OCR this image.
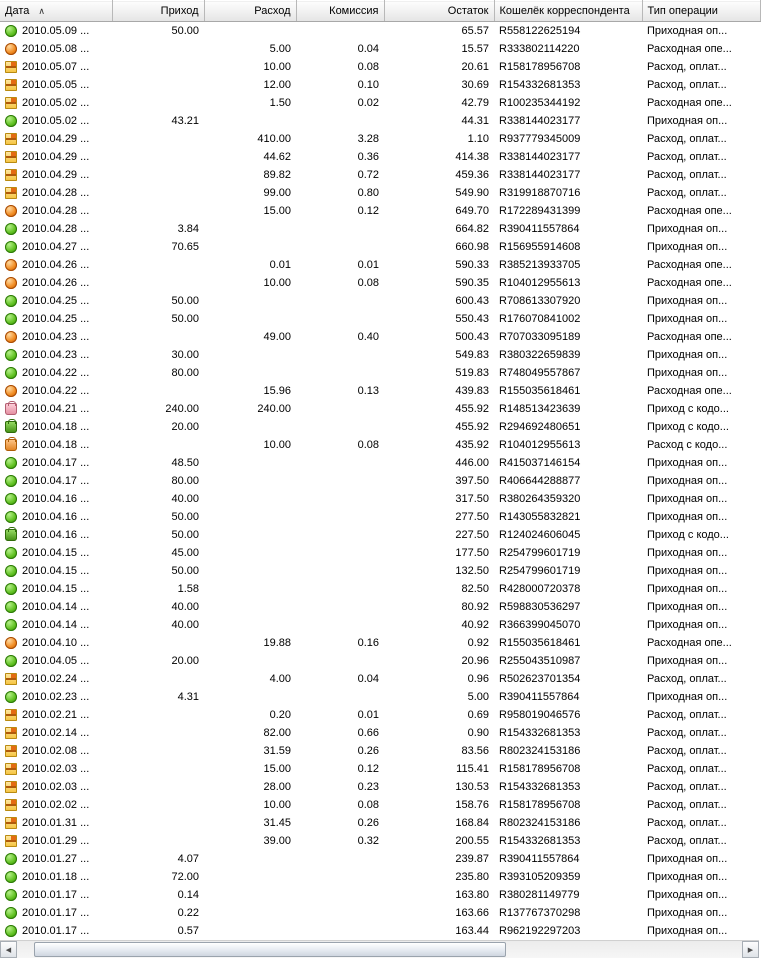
Дата ∧	Приход	Расход	Комиссия	Остаток	Кошелёк корреспондента	Тип операции

2010.05.09 ...	50.00			65.57	R558122625194	Приходная оп...

2010.05.08 ...		5.00	0.04	15.57	R333802114220	Расходная опе...

2010.05.07 ...		10.00	0.08	20.61	R158178956708	Расход, оплат...

2010.05.05 ...		12.00	0.10	30.69	R154332681353	Расход, оплат...

2010.05.02 ...		1.50	0.02	42.79	R100235344192	Расходная опе...

2010.05.02 ...	43.21			44.31	R338144023177	Приходная оп...

2010.04.29 ...		410.00	3.28	1.10	R937779345009	Расход, оплат...

2010.04.29 ...		44.62	0.36	414.38	R338144023177	Расход, оплат...

2010.04.29 ...		89.82	0.72	459.36	R338144023177	Расход, оплат...

2010.04.28 ...		99.00	0.80	549.90	R319918870716	Расход, оплат...

2010.04.28 ...		15.00	0.12	649.70	R172289431399	Расходная опе...

2010.04.28 ...	3.84			664.82	R390411557864	Приходная оп...

2010.04.27 ...	70.65			660.98	R156955914608	Приходная оп...

2010.04.26 ...		0.01	0.01	590.33	R385213933705	Расходная опе...

2010.04.26 ...		10.00	0.08	590.35	R104012955613	Расходная опе...

2010.04.25 ...	50.00			600.43	R708613307920	Приходная оп...

2010.04.25 ...	50.00			550.43	R176070841002	Приходная оп...

2010.04.23 ...		49.00	0.40	500.43	R707033095189	Расходная опе...

2010.04.23 ...	30.00			549.83	R380322659839	Приходная оп...

2010.04.22 ...	80.00			519.83	R748049557867	Приходная оп...

2010.04.22 ...		15.96	0.13	439.83	R155035618461	Расходная опе...

2010.04.21 ...	240.00	240.00		455.92	R148513423639	Приход с кодо...

2010.04.18 ...	20.00			455.92	R294692480651	Приход с кодо...

2010.04.18 ...		10.00	0.08	435.92	R104012955613	Расход с кодо...

2010.04.17 ...	48.50			446.00	R415037146154	Приходная оп...

2010.04.17 ...	80.00			397.50	R406644288877	Приходная оп...

2010.04.16 ...	40.00			317.50	R380264359320	Приходная оп...

2010.04.16 ...	50.00			277.50	R143055832821	Приходная оп...

2010.04.16 ...	50.00			227.50	R124024606045	Приход с кодо...

2010.04.15 ...	45.00			177.50	R254799601719	Приходная оп...

2010.04.15 ...	50.00			132.50	R254799601719	Приходная оп...

2010.04.15 ...	1.58			82.50	R428000720378	Приходная оп...

2010.04.14 ...	40.00			80.92	R598830536297	Приходная оп...

2010.04.14 ...	40.00			40.92	R366399045070	Приходная оп...

2010.04.10 ...		19.88	0.16	0.92	R155035618461	Расходная опе...

2010.04.05 ...	20.00			20.96	R255043510987	Приходная оп...

2010.02.24 ...		4.00	0.04	0.96	R502623701354	Расход, оплат...

2010.02.23 ...	4.31			5.00	R390411557864	Приходная оп...

2010.02.21 ...		0.20	0.01	0.69	R958019046576	Расход, оплат...

2010.02.14 ...		82.00	0.66	0.90	R154332681353	Расход, оплат...

2010.02.08 ...		31.59	0.26	83.56	R802324153186	Расход, оплат...

2010.02.03 ...		15.00	0.12	115.41	R158178956708	Расход, оплат...

2010.02.03 ...		28.00	0.23	130.53	R154332681353	Расход, оплат...

2010.02.02 ...		10.00	0.08	158.76	R158178956708	Расход, оплат...

2010.01.31 ...		31.45	0.26	168.84	R802324153186	Расход, оплат...

2010.01.29 ...		39.00	0.32	200.55	R154332681353	Расход, оплат...

2010.01.27 ...	4.07			239.87	R390411557864	Приходная оп...

2010.01.18 ...	72.00			235.80	R393105209359	Приходная оп...

2010.01.17 ...	0.14			163.80	R380281149779	Приходная оп...

2010.01.17 ...	0.22			163.66	R137767370298	Приходная оп...

2010.01.17 ...	0.57			163.44	R962192297203	Приходная оп...
◀	▶
